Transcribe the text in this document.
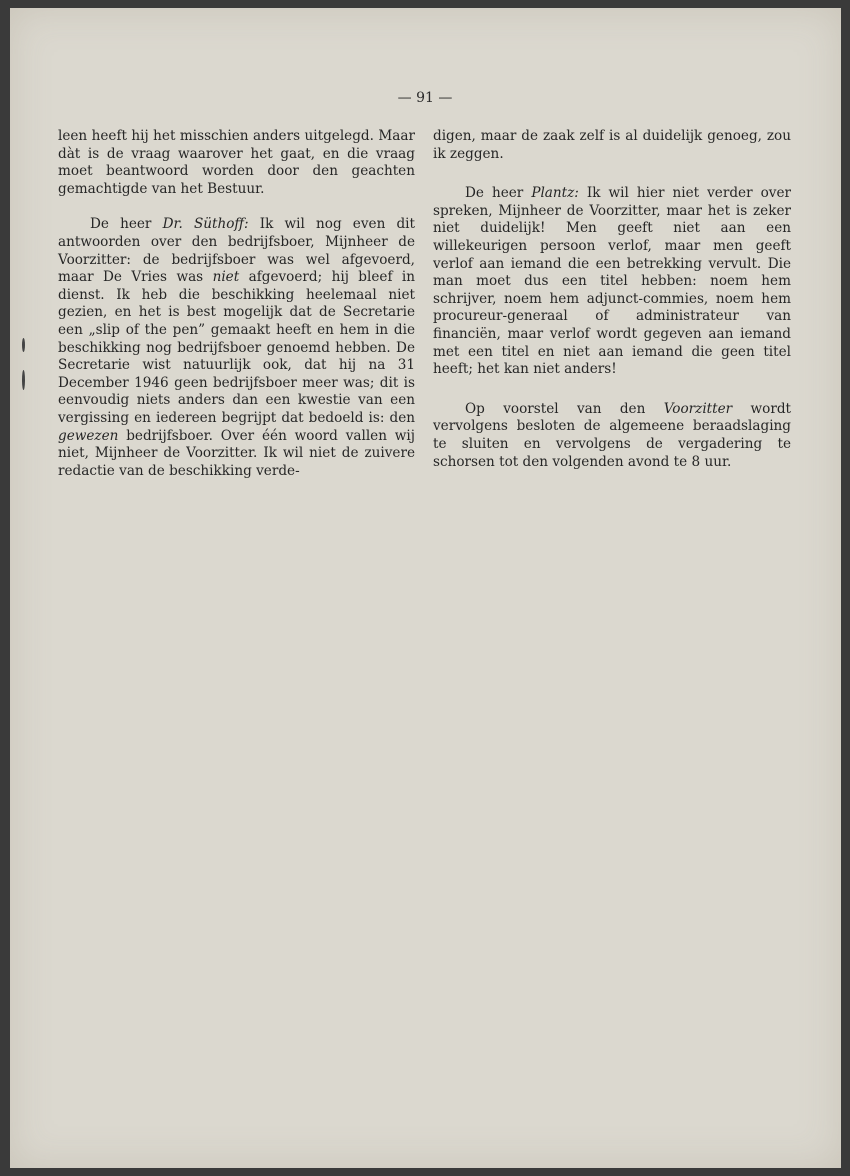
— 91 —

leen heeft hij het misschien anders uitgelegd. Maar dàt is de vraag waarover het gaat, en die vraag moet beantwoord worden door den geachten gemachtigde van het Bestuur.

De heer Dr. Süthoff: Ik wil nog even dit antwoorden over den bedrijfsboer, Mijnheer de Voorzitter: de bedrijfsboer was wel afgevoerd, maar De Vries was niet afgevoerd; hij bleef in dienst. Ik heb die beschikking heelemaal niet gezien, en het is best mogelijk dat de Secretarie een „slip of the pen” gemaakt heeft en hem in die beschikking nog bedrijfsboer genoemd hebben. De Secretarie wist natuurlijk ook, dat hij na 31 December 1946 geen bedrijfsboer meer was; dit is eenvoudig niets anders dan een kwestie van een vergissing en iedereen begrijpt dat bedoeld is: den gewezen bedrijfsboer. Over één woord vallen wij niet, Mijnheer de Voorzitter. Ik wil niet de zuivere redactie van de beschikking verde-

digen, maar de zaak zelf is al duidelijk genoeg, zou ik zeggen.

De heer Plantz: Ik wil hier niet verder over spreken, Mijnheer de Voorzitter, maar het is zeker niet duidelijk! Men geeft niet aan een willekeurigen persoon verlof, maar men geeft verlof aan iemand die een betrekking vervult. Die man moet dus een titel hebben: noem hem schrijver, noem hem adjunct-commies, noem hem procureur-generaal of administrateur van financiën, maar verlof wordt gegeven aan iemand met een titel en niet aan iemand die geen titel heeft; het kan niet anders!

Op voorstel van den Voorzitter wordt vervolgens besloten de algemeene beraadslaging te sluiten en vervolgens de vergadering te schorsen tot den volgenden avond te 8 uur.
